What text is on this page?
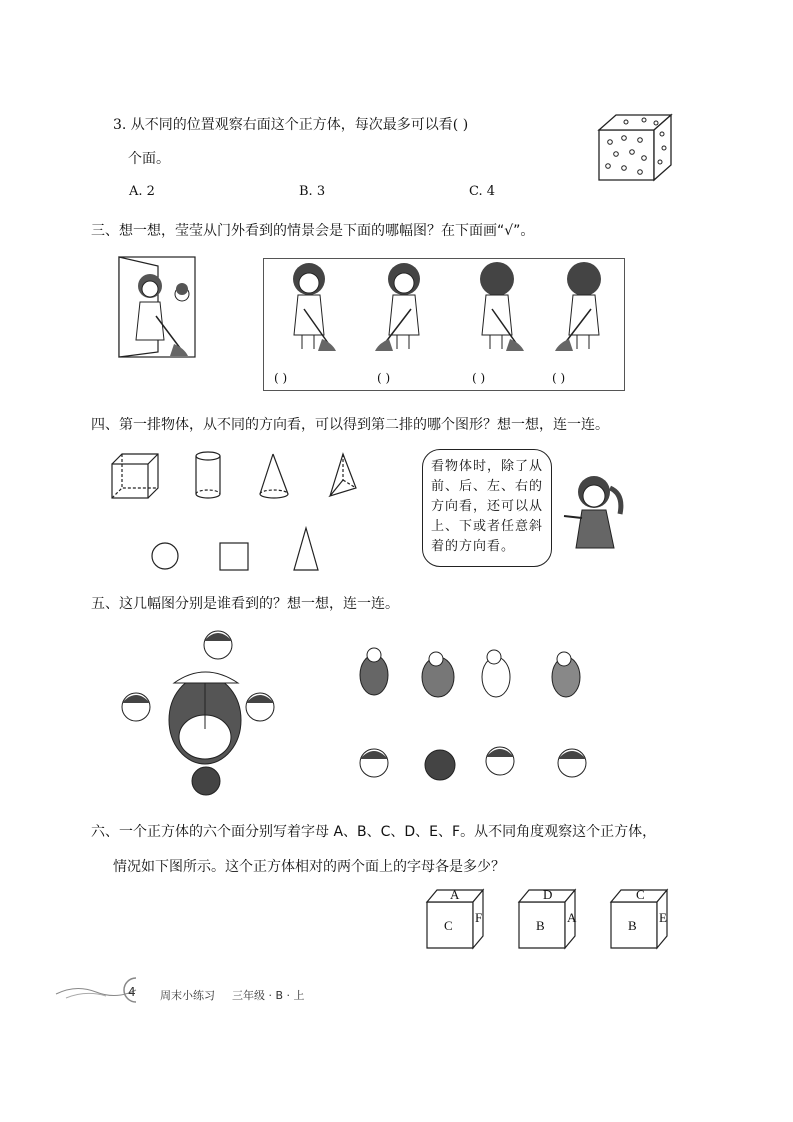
3. 从不同的位置观察右面这个正方体，每次最多可以看( )
个面。
A. 2	B. 3	C. 4
三、想一想，莹莹从门外看到的情景会是下面的哪幅图？在下面画“√”。
( )	( )	( )	( )
四、第一排物体，从不同的方向看，可以得到第二排的哪个图形？想一想，连一连。
看物体时，除了从前、后、左、右的方向看，还可以从上、下或者任意斜着的方向看。
五、这几幅图分别是谁看到的？想一想，连一连。
六、一个正方体的六个面分别写着字母 A、B、C、D、E、F。从不同角度观察这个正方体，
情况如下图所示。这个正方体相对的两个面上的字母各是多少？
A
C
F
D
B
A
C
B
E
4 周末小练习 三年级 · B · 上
